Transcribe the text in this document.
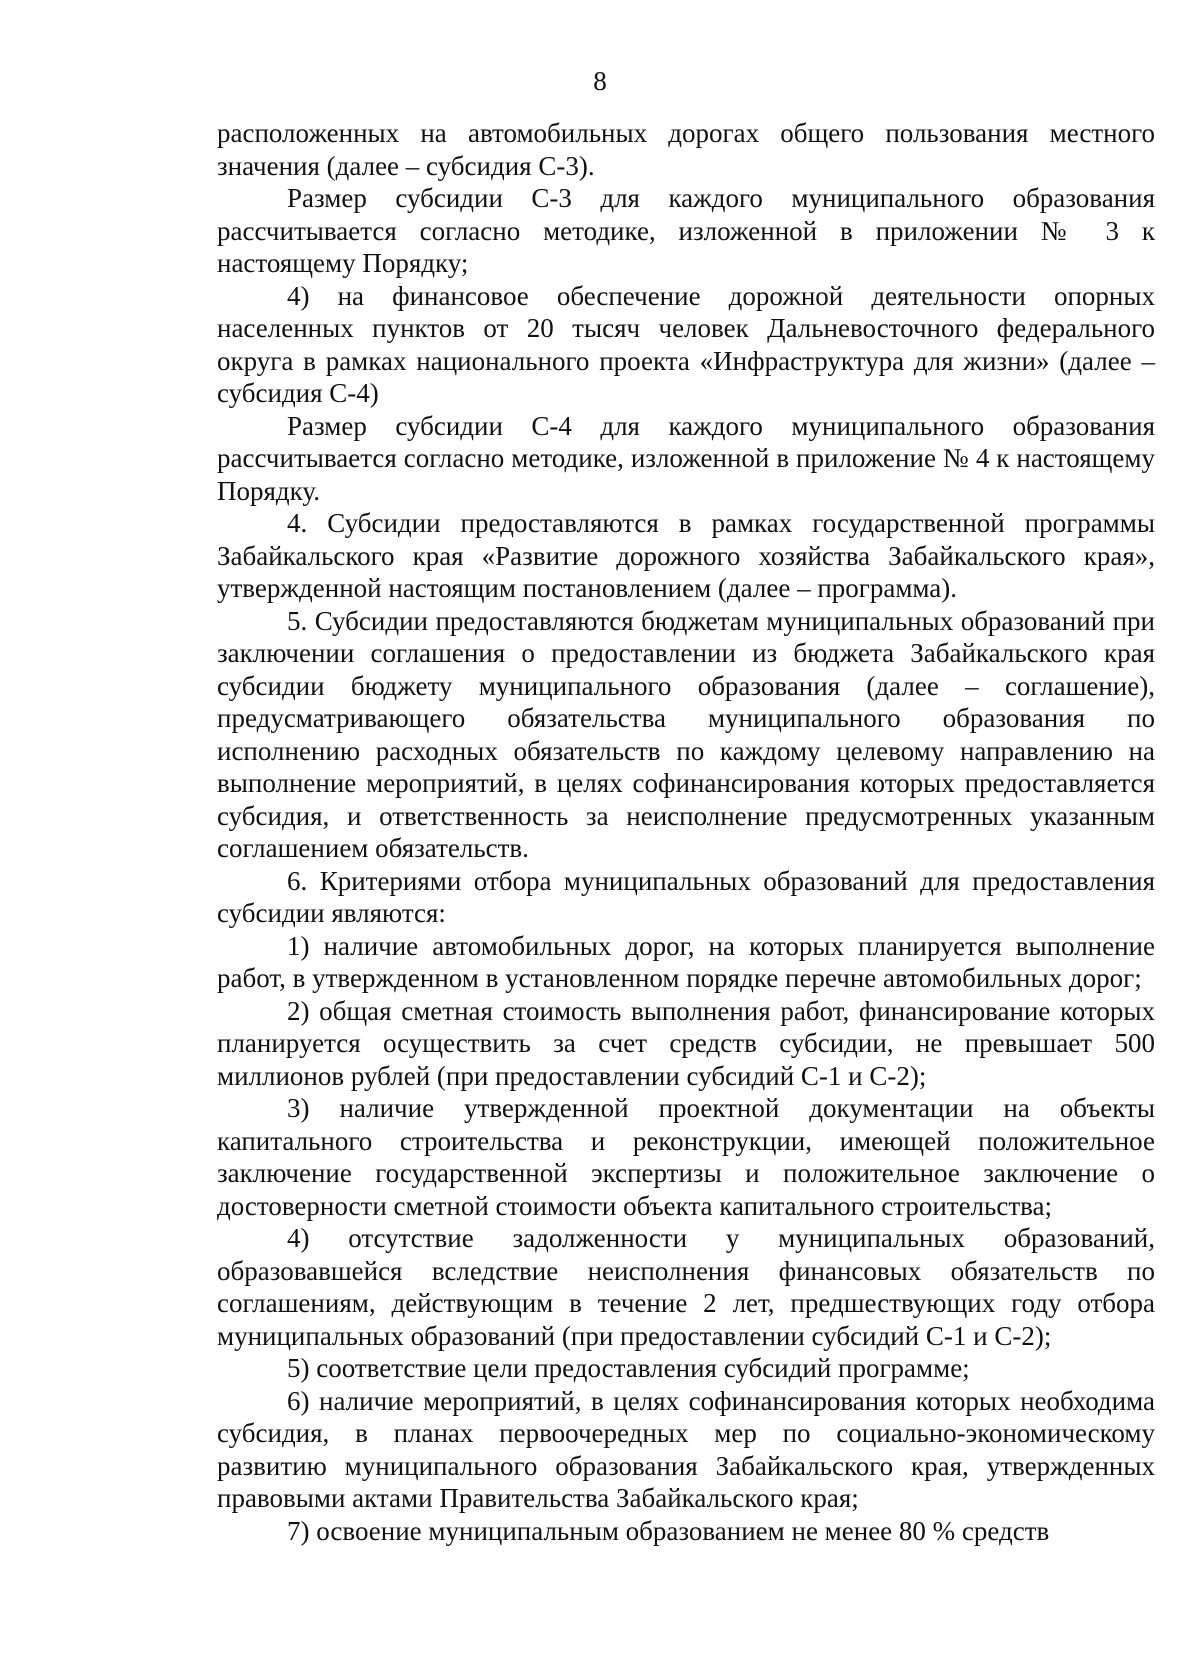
8

расположенных на автомобильных дорогах общего пользования местного значения (далее – субсидия С-3).

Размер субсидии С-3 для каждого муниципального образования рассчитывается согласно методике, изложенной в приложении № 3 к настоящему Порядку;

4) на финансовое обеспечение дорожной деятельности опорных населенных пунктов от 20 тысяч человек Дальневосточного федерального округа в рамках национального проекта «Инфраструктура для жизни» (далее – субсидия С-4)

Размер субсидии С-4 для каждого муниципального образования рассчитывается согласно методике, изложенной в приложение № 4 к настоящему Порядку.

4. Субсидии предоставляются в рамках государственной программы Забайкальского края «Развитие дорожного хозяйства Забайкальского края», утвержденной настоящим постановлением (далее – программа).

5. Субсидии предоставляются бюджетам муниципальных образований при заключении соглашения о предоставлении из бюджета Забайкальского края субсидии бюджету муниципального образования (далее – соглашение), предусматривающего обязательства муниципального образования по исполнению расходных обязательств по каждому целевому направлению на выполнение мероприятий, в целях софинансирования которых предоставляется субсидия, и ответственность за неисполнение предусмотренных указанным соглашением обязательств.

6. Критериями отбора муниципальных образований для предоставления субсидии являются:

1) наличие автомобильных дорог, на которых планируется выполнение работ, в утвержденном в установленном порядке перечне автомобильных дорог;

2) общая сметная стоимость выполнения работ, финансирование которых планируется осуществить за счет средств субсидии, не превышает 500 миллионов рублей (при предоставлении субсидий С-1 и С-2);

3) наличие утвержденной проектной документации на объекты капитального строительства и реконструкции, имеющей положительное заключение государственной экспертизы и положительное заключение о достоверности сметной стоимости объекта капитального строительства;

4) отсутствие задолженности у муниципальных образований, образовавшейся вследствие неисполнения финансовых обязательств по соглашениям, действующим в течение 2 лет, предшествующих году отбора муниципальных образований (при предоставлении субсидий С-1 и С-2);

5) соответствие цели предоставления субсидий программе;

6) наличие мероприятий, в целях софинансирования которых необходима субсидия, в планах первоочередных мер по социально-экономическому развитию муниципального образования Забайкальского края, утвержденных правовыми актами Правительства Забайкальского края;

7) освоение муниципальным образованием не менее 80 % средств
